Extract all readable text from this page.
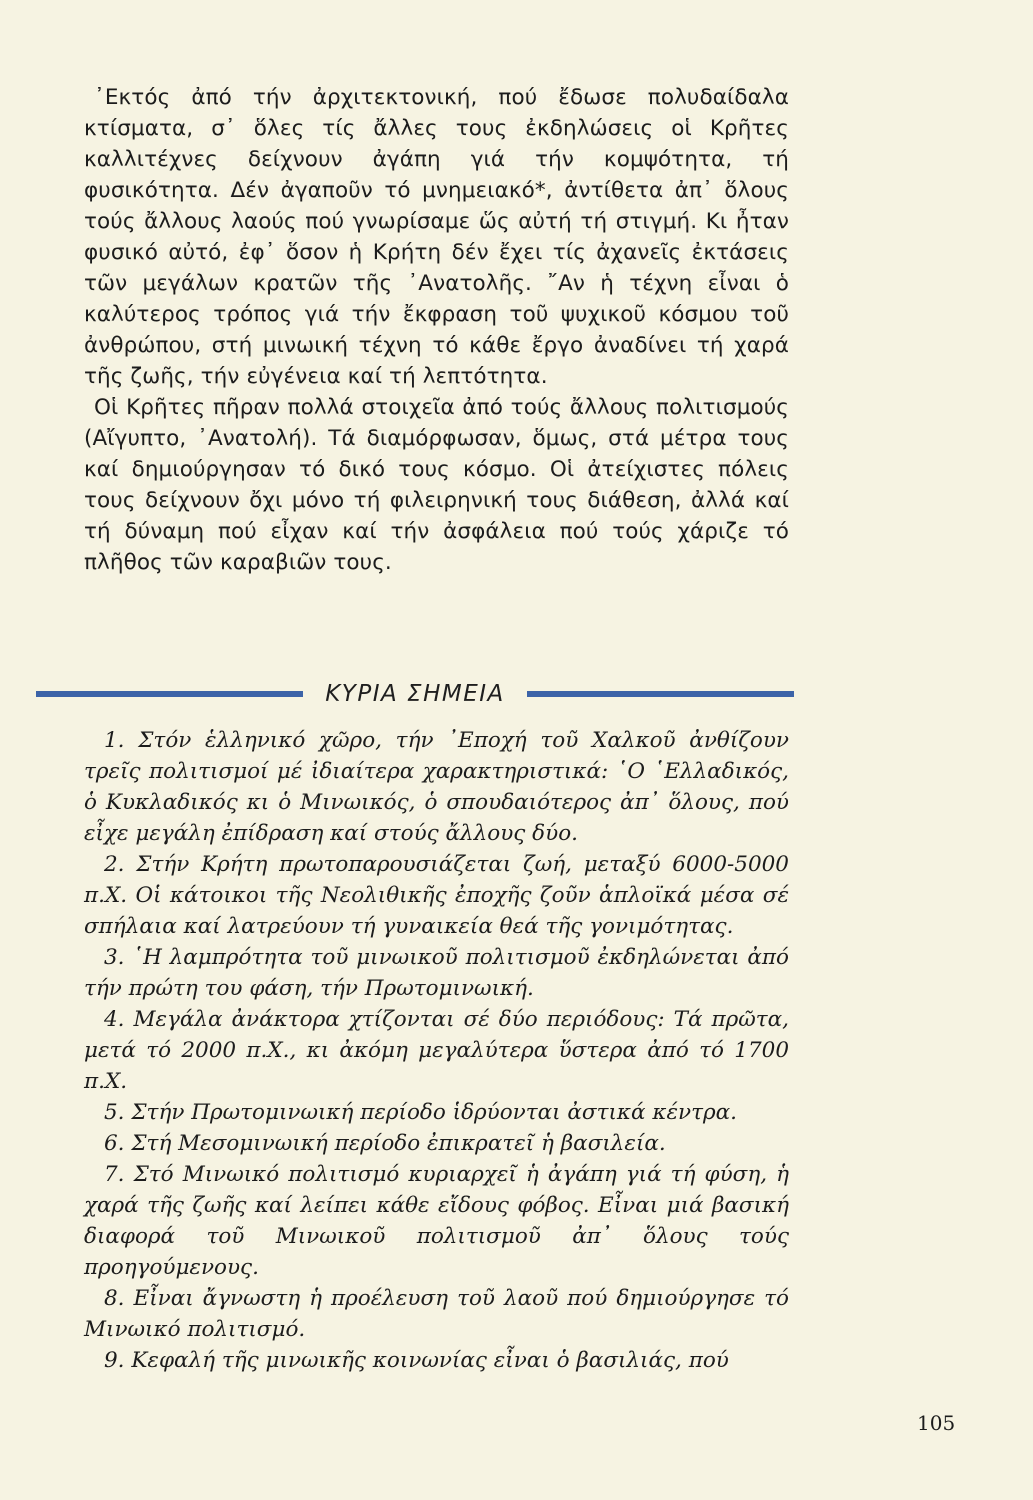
᾿Εκτός ἀπό τήν ἀρχιτεκτονική, πού ἔδωσε πολυδαίδαλα κτίσματα, σ᾿ ὅλες τίς ἄλλες τους ἐκδηλώσεις οἱ Κρῆτες καλλιτέχνες δείχνουν ἀγάπη γιά τήν κομψότητα, τή φυσικότητα. Δέν ἀγαποῦν τό μνημειακό*, ἀντίθετα ἀπ᾿ ὅλους τούς ἄλλους λαούς πού γνωρίσαμε ὥς αὐτή τή στιγμή. Κι ἦταν φυσικό αὐτό, ἐφ᾿ ὅσον ἡ Κρήτη δέν ἔχει τίς ἀχανεῖς ἐκτάσεις τῶν μεγάλων κρατῶν τῆς ᾿Ανατολῆς. ῎Αν ἡ τέχνη εἶναι ὁ καλύτερος τρόπος γιά τήν ἔκφραση τοῦ ψυχικοῦ κόσμου τοῦ ἀνθρώπου, στή μινωική τέχνη τό κάθε ἔργο ἀναδίνει τή χαρά τῆς ζωῆς, τήν εὐγένεια καί τή λεπτότητα.

Οἱ Κρῆτες πῆραν πολλά στοιχεῖα ἀπό τούς ἄλλους πολιτισμούς (Αἴγυπτο, ᾿Ανατολή). Τά διαμόρφωσαν, ὅμως, στά μέτρα τους καί δημιούργησαν τό δικό τους κόσμο. Οἱ ἀτείχιστες πόλεις τους δείχνουν ὄχι μόνο τή φιλειρηνική τους διάθεση, ἀλλά καί τή δύναμη πού εἶχαν καί τήν ἀσφάλεια πού τούς χάριζε τό πλῆθος τῶν καραβιῶν τους.

ΚΥΡΙΑ ΣΗΜΕΙΑ

1. Στόν ἑλληνικό χῶρο, τήν ᾿Εποχή τοῦ Χαλκοῦ ἀνθίζουν τρεῖς πολιτισμοί μέ ἰδιαίτερα χαρακτηριστικά: ῾Ο ῾Ελλαδικός, ὁ Κυκλαδικός κι ὁ Μινωικός, ὁ σπουδαιότερος ἀπ᾿ ὅλους, πού εἶχε μεγάλη ἐπίδραση καί στούς ἄλλους δύο.

2. Στήν Κρήτη πρωτοπαρουσιάζεται ζωή, μεταξύ 6000-5000 π.Χ. Οἱ κάτοικοι τῆς Νεολιθικῆς ἐποχῆς ζοῦν ἁπλοϊκά μέσα σέ σπήλαια καί λατρεύουν τή γυναικεία θεά τῆς γονιμότητας.

3. ῾Η λαμπρότητα τοῦ μινωικοῦ πολιτισμοῦ ἐκδηλώνεται ἀπό τήν πρώτη του φάση, τήν Πρωτομινωική.

4. Μεγάλα ἀνάκτορα χτίζονται σέ δύο περιόδους: Τά πρῶτα, μετά τό 2000 π.Χ., κι ἀκόμη μεγαλύτερα ὕστερα ἀπό τό 1700 π.Χ.

5. Στήν Πρωτομινωική περίοδο ἱδρύονται ἀστικά κέντρα.

6. Στή Μεσομινωική περίοδο ἐπικρατεῖ ἡ βασιλεία.

7. Στό Μινωικό πολιτισμό κυριαρχεῖ ἡ ἀγάπη γιά τή φύση, ἡ χαρά τῆς ζωῆς καί λείπει κάθε εἴδους φόβος. Εἶναι μιά βασική διαφορά τοῦ Μινωικοῦ πολιτισμοῦ ἀπ᾿ ὅλους τούς προηγούμενους.

8. Εἶναι ἄγνωστη ἡ προέλευση τοῦ λαοῦ πού δημιούργησε τό Μινωικό πολιτισμό.

9. Κεφαλή τῆς μινωικῆς κοινωνίας εἶναι ὁ βασιλιάς, πού

105
